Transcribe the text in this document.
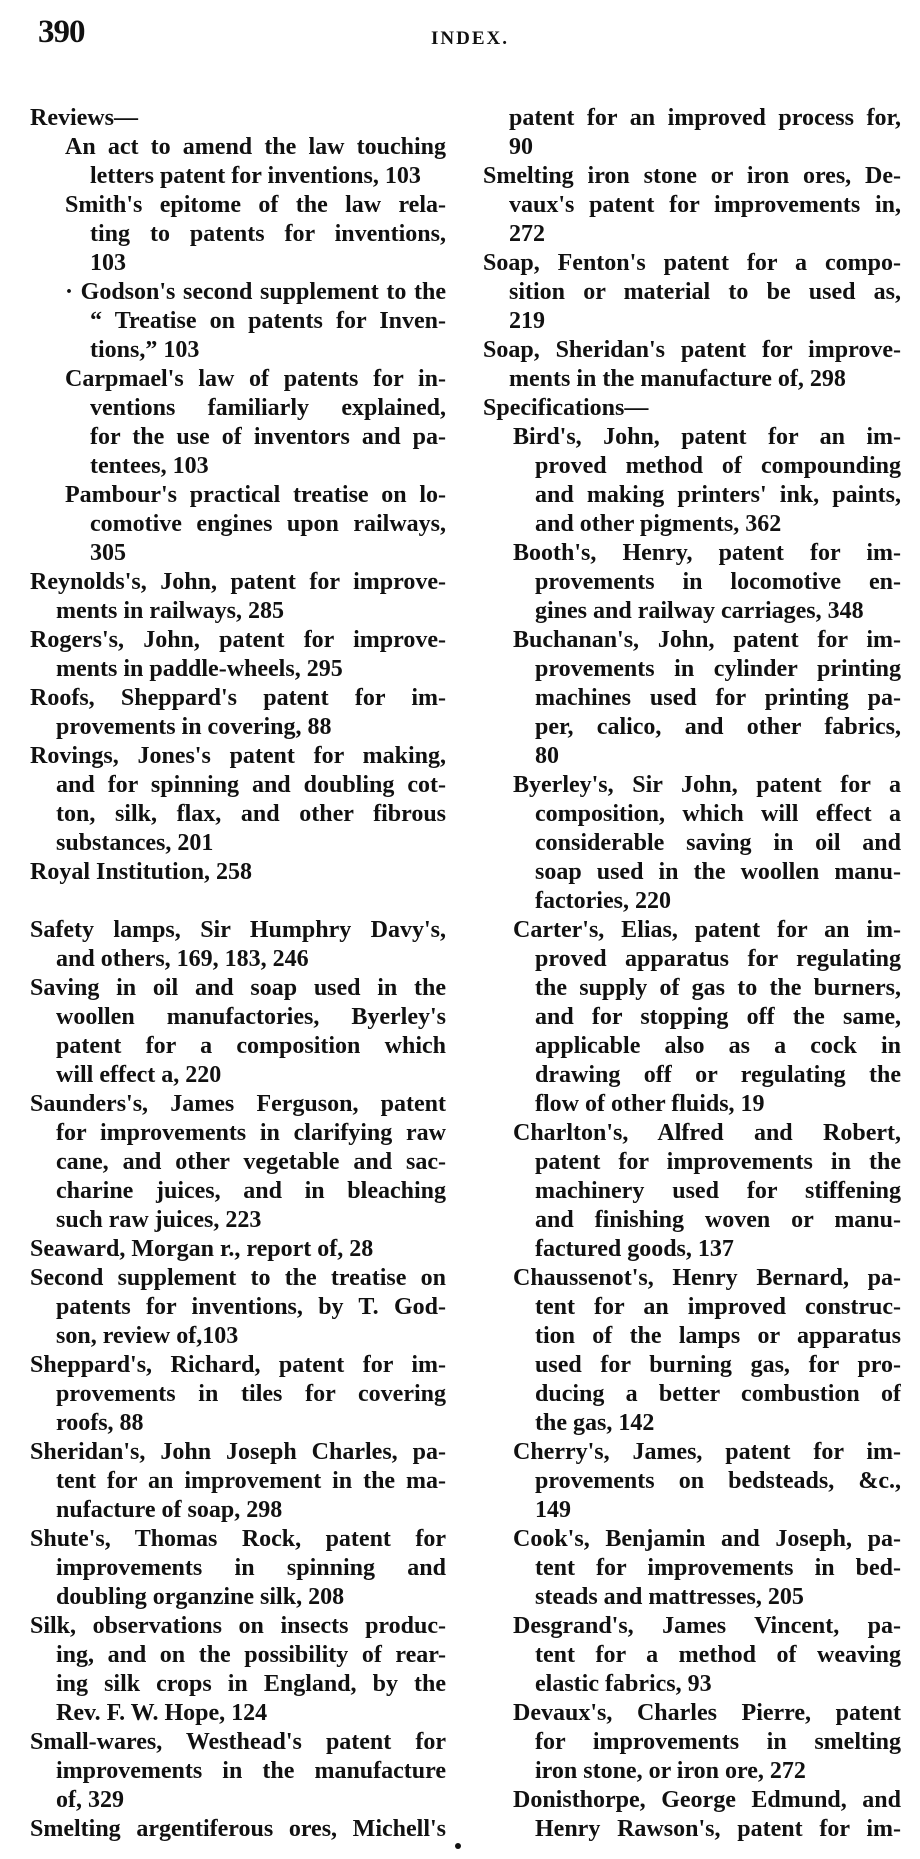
390	INDEX.
Reviews—
An act to amend the law touching
letters patent for inventions, 103
Smith's epitome of the law rela-
ting to patents for inventions,
103
· Godson's second supplement to the
“ Treatise on patents for Inven-
tions,” 103
Carpmael's law of patents for in-
ventions familiarly explained,
for the use of inventors and pa-
tentees, 103
Pambour's practical treatise on lo-
comotive engines upon railways,
305
Reynolds's, John, patent for improve-
ments in railways, 285
Rogers's, John, patent for improve-
ments in paddle-wheels, 295
Roofs, Sheppard's patent for im-
provements in covering, 88
Rovings, Jones's patent for making,
and for spinning and doubling cot-
ton, silk, flax, and other fibrous
substances, 201
Royal Institution, 258
Safety lamps, Sir Humphry Davy's,
and others, 169, 183, 246
Saving in oil and soap used in the
woollen manufactories, Byerley's
patent for a composition which
will effect a, 220
Saunders's, James Ferguson, patent
for improvements in clarifying raw
cane, and other vegetable and sac-
charine juices, and in bleaching
such raw juices, 223
Seaward, Morgan r., report of, 28
Second supplement to the treatise on
patents for inventions, by T. God-
son, review of,103
Sheppard's, Richard, patent for im-
provements in tiles for covering
roofs, 88
Sheridan's, John Joseph Charles, pa-
tent for an improvement in the ma-
nufacture of soap, 298
Shute's, Thomas Rock, patent for
improvements in spinning and
doubling organzine silk, 208
Silk, observations on insects produc-
ing, and on the possibility of rear-
ing silk crops in England, by the
Rev. F. W. Hope, 124
Small-wares, Westhead's patent for
improvements in the manufacture
of, 329
Smelting argentiferous ores, Michell's
patent for an improved process for,
90
Smelting iron stone or iron ores, De-
vaux's patent for improvements in,
272
Soap, Fenton's patent for a compo-
sition or material to be used as,
219
Soap, Sheridan's patent for improve-
ments in the manufacture of, 298
Specifications—
Bird's, John, patent for an im-
proved method of compounding
and making printers' ink, paints,
and other pigments, 362
Booth's, Henry, patent for im-
provements in locomotive en-
gines and railway carriages, 348
Buchanan's, John, patent for im-
provements in cylinder printing
machines used for printing pa-
per, calico, and other fabrics,
80
Byerley's, Sir John, patent for a
composition, which will effect a
considerable saving in oil and
soap used in the woollen manu-
factories, 220
Carter's, Elias, patent for an im-
proved apparatus for regulating
the supply of gas to the burners,
and for stopping off the same,
applicable also as a cock in
drawing off or regulating the
flow of other fluids, 19
Charlton's, Alfred and Robert,
patent for improvements in the
machinery used for stiffening
and finishing woven or manu-
factured goods, 137
Chaussenot's, Henry Bernard, pa-
tent for an improved construc-
tion of the lamps or apparatus
used for burning gas, for pro-
ducing a better combustion of
the gas, 142
Cherry's, James, patent for im-
provements on bedsteads, &c.,
149
Cook's, Benjamin and Joseph, pa-
tent for improvements in bed-
steads and mattresses, 205
Desgrand's, James Vincent, pa-
tent for a method of weaving
elastic fabrics, 93
Devaux's, Charles Pierre, patent
for improvements in smelting
iron stone, or iron ore, 272
Donisthorpe, George Edmund, and
Henry Rawson's, patent for im-
